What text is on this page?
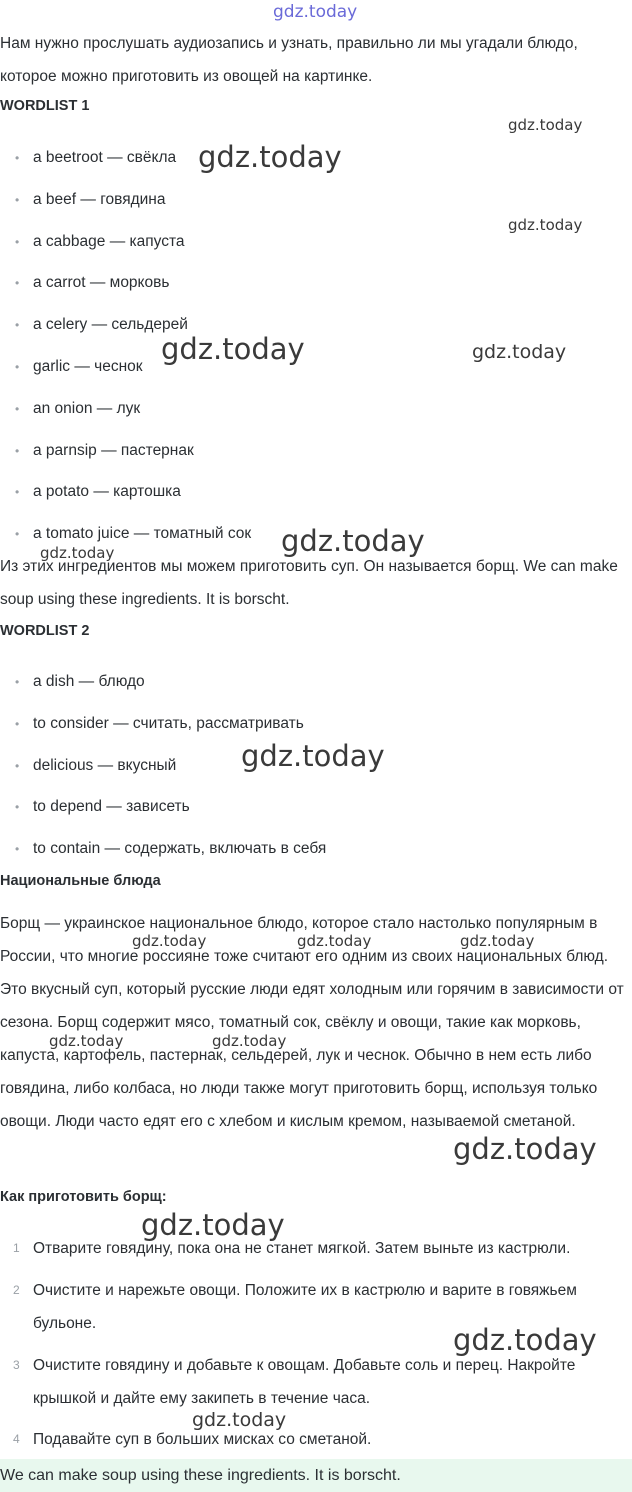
gdz.today
gdz.today
gdz.today
gdz.today
gdz.today	gdz.today
gdz.today
gdz.today
gdz.today
gdz.today	gdz.today	gdz.today
gdz.today	gdz.today
gdz.today
gdz.today
gdz.today
gdz.today

Нам нужно прослушать аудиозапись и узнать, правильно ли мы угадали блюдо, которое можно приготовить из овощей на картинке.

WORDLIST 1
• a beetroot — свёкла
• a beef — говядина
• a cabbage — капуста
• a carrot — морковь
• a celery — сельдерей
• garlic — чеснок
• an onion — лук
• a parnsip — пастернак
• a potato — картошка
• a tomato juice — томатный сок

Из этих ингредиентов мы можем приготовить суп. Он называется борщ. We can make soup using these ingredients. It is borscht.

WORDLIST 2
• a dish — блюдо
• to consider — считать, рассматривать
• delicious — вкусный
• to depend — зависеть
• to contain — содержать, включать в себя
Национальные блюда

Борщ — украинское национальное блюдо, которое стало настолько популярным в России, что многие россияне тоже считают его одним из своих национальных блюд. Это вкусный суп, который русские люди едят холодным или горячим в зависимости от сезона. Борщ содержит мясо, томатный сок, свёклу и овощи, такие как морковь, капуста, картофель, пастернак, сельдерей, лук и чеснок. Обычно в нем есть либо говядина, либо колбаса, но люди также могут приготовить борщ, используя только овощи. Люди часто едят его с хлебом и кислым кремом, называемой сметаной.

Как приготовить борщ:
1 Отварите говядину, пока она не станет мягкой. Затем выньте из кастрюли.
2 Очистите и нарежьте овощи. Положите их в кастрюлю и варите в говяжьем бульоне.
3 Очистите говядину и добавьте к овощам. Добавьте соль и перец. Накройте крышкой и дайте ему закипеть в течение часа.
4 Подавайте суп в больших мисках со сметаной.
We can make soup using these ingredients. It is borscht.
